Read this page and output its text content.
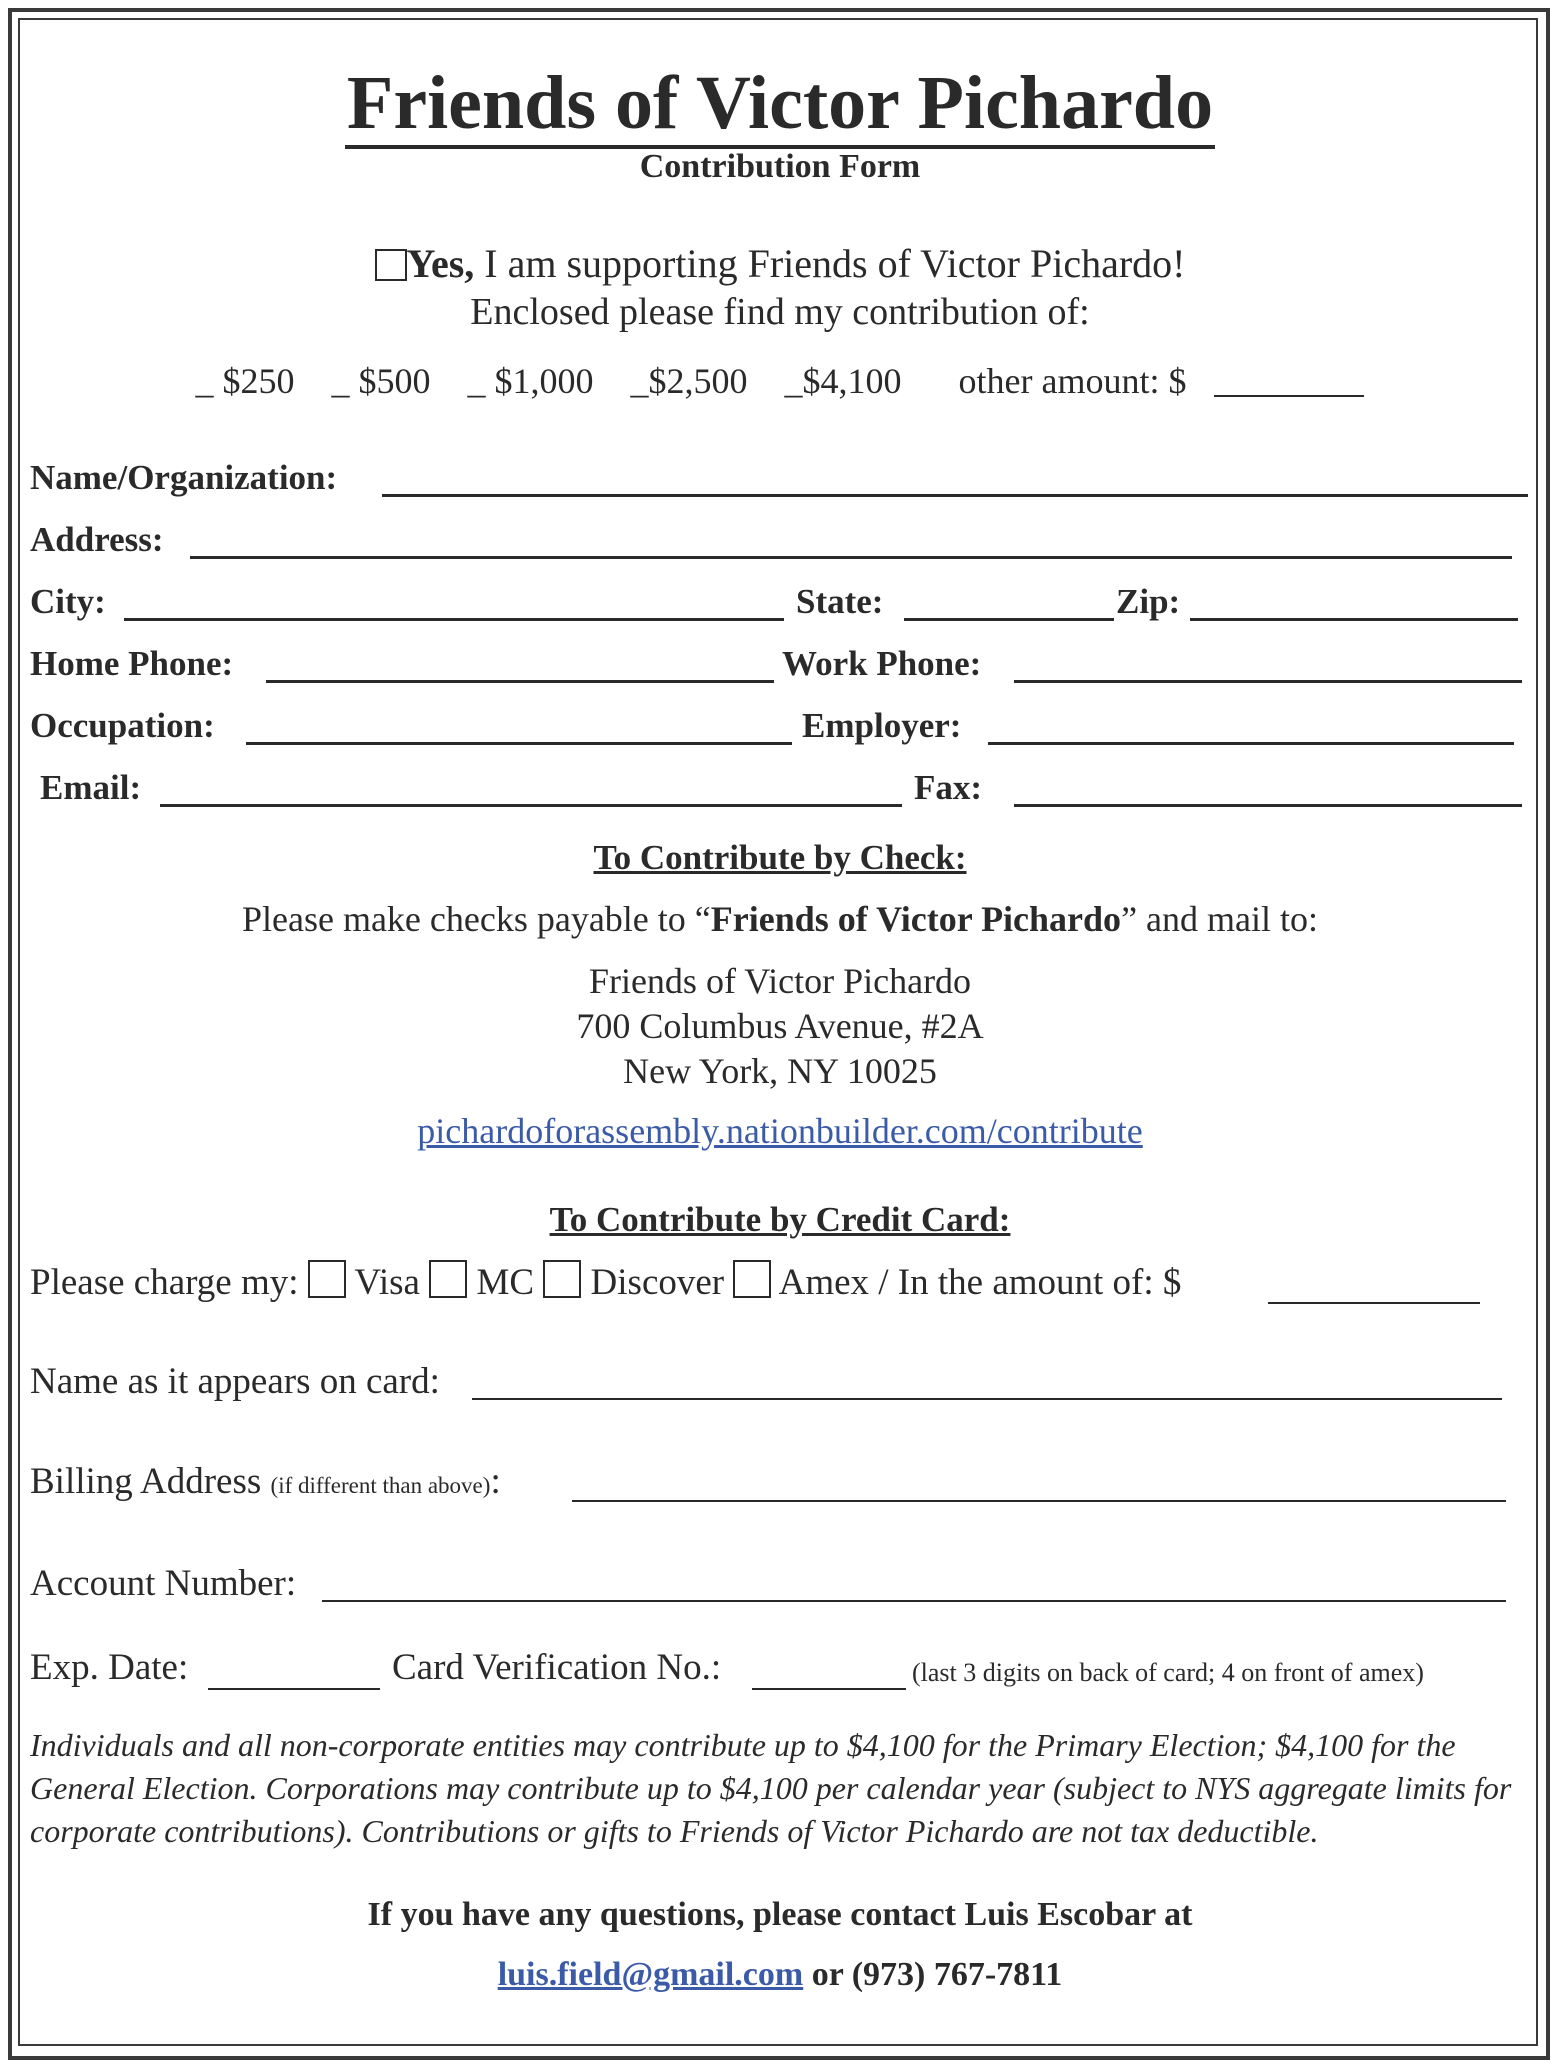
Friends of Victor Pichardo
Contribution Form
Yes, I am supporting Friends of Victor Pichardo!
Enclosed please find my contribution of:
_ $250 _ $500 _ $1,000 _$2,500 _$4,100 other amount: $
Name/Organization:
Address:
City:	State:	Zip:
Home Phone:	Work Phone:
Occupation:	Employer:
Email:	Fax:
To Contribute by Check:
Please make checks payable to “Friends of Victor Pichardo” and mail to:
Friends of Victor Pichardo
700 Columbus Avenue, #2A
New York, NY 10025
pichardoforassembly.nationbuilder.com/contribute
To Contribute by Credit Card:
Please charge my: Visa MC Discover Amex / In the amount of: $
Name as it appears on card:
Billing Address (if different than above):
Account Number:
Exp. Date:	Card Verification No.:	(last 3 digits on back of card; 4 on front of amex)
Individuals and all non-corporate entities may contribute up to $4,100 for the Primary Election; $4,100 for the General Election. Corporations may contribute up to $4,100 per calendar year (subject to NYS aggregate limits for corporate contributions). Contributions or gifts to Friends of Victor Pichardo are not tax deductible.
If you have any questions, please contact Luis Escobar at
luis.field@gmail.com or (973) 767-7811
